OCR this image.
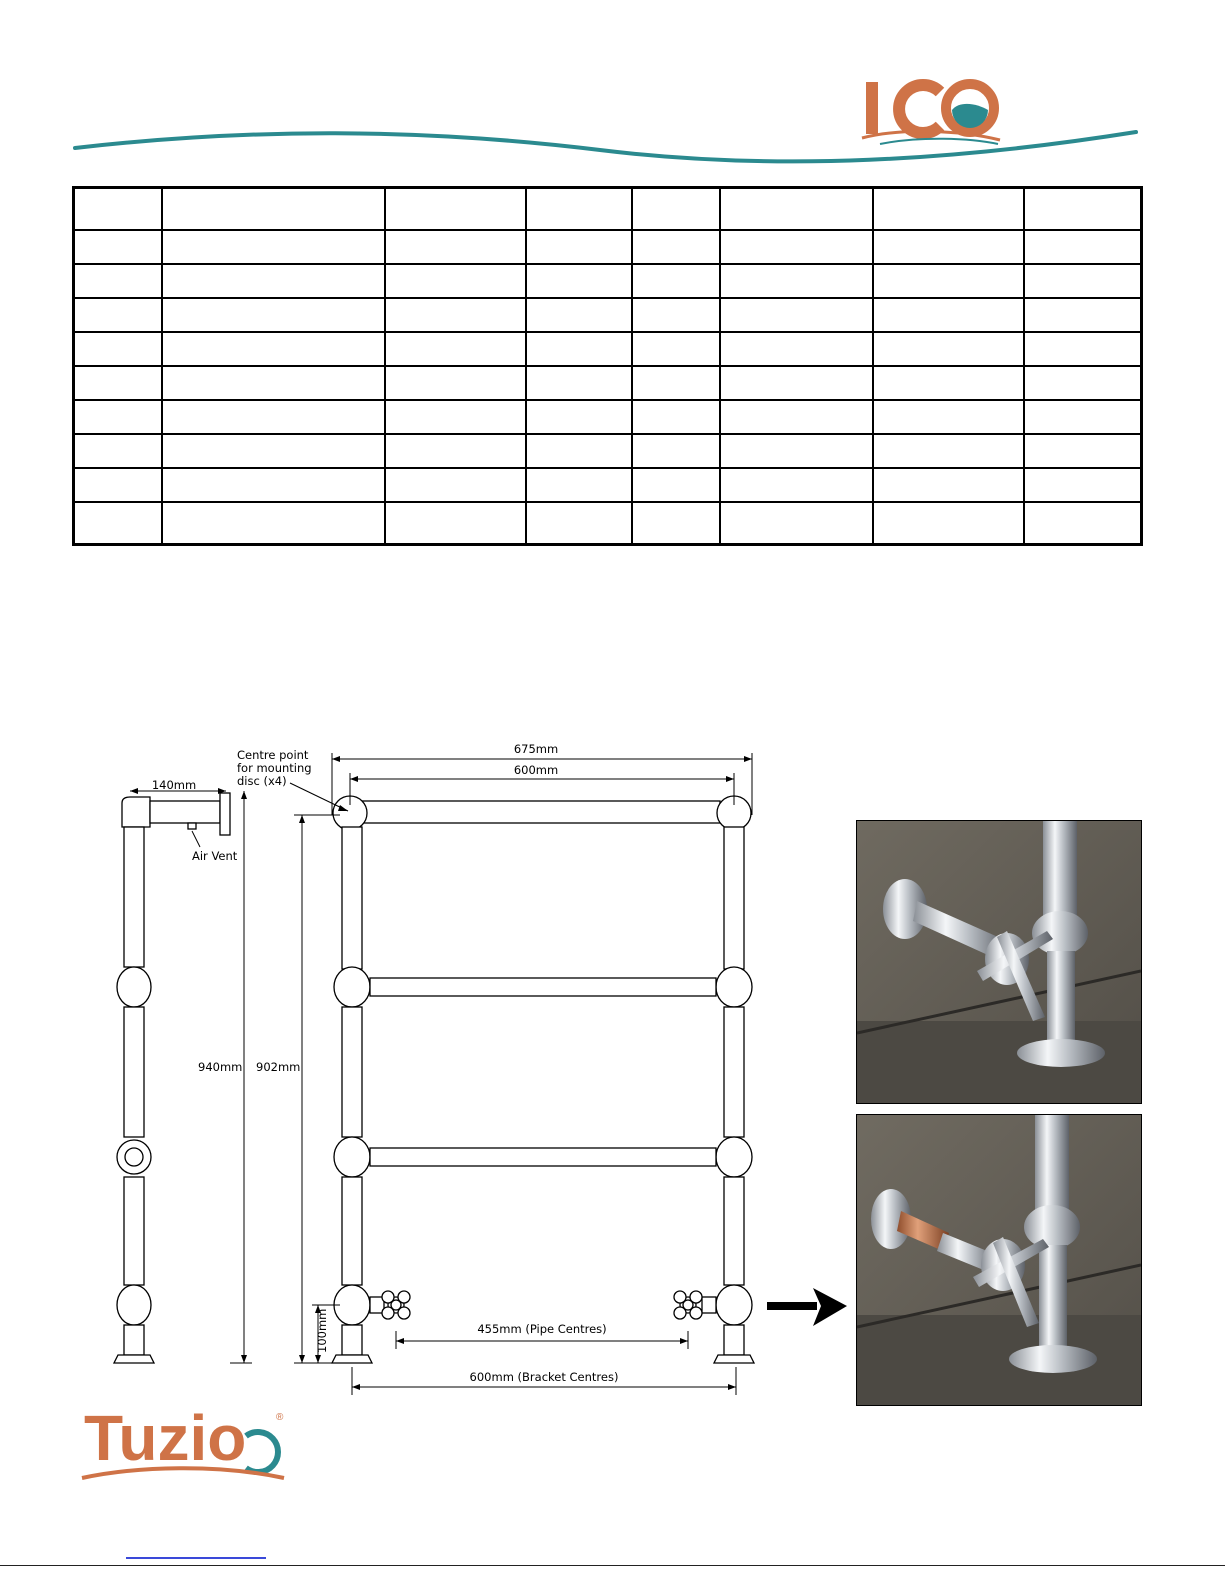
675mm
600mm
140mm
Centre point
for mounting
disc (x4)
Air Vent
940mm 902mm
100mm	455mm (Pipe Centres)
600mm (Bracket Centres)
Tuzio	®
